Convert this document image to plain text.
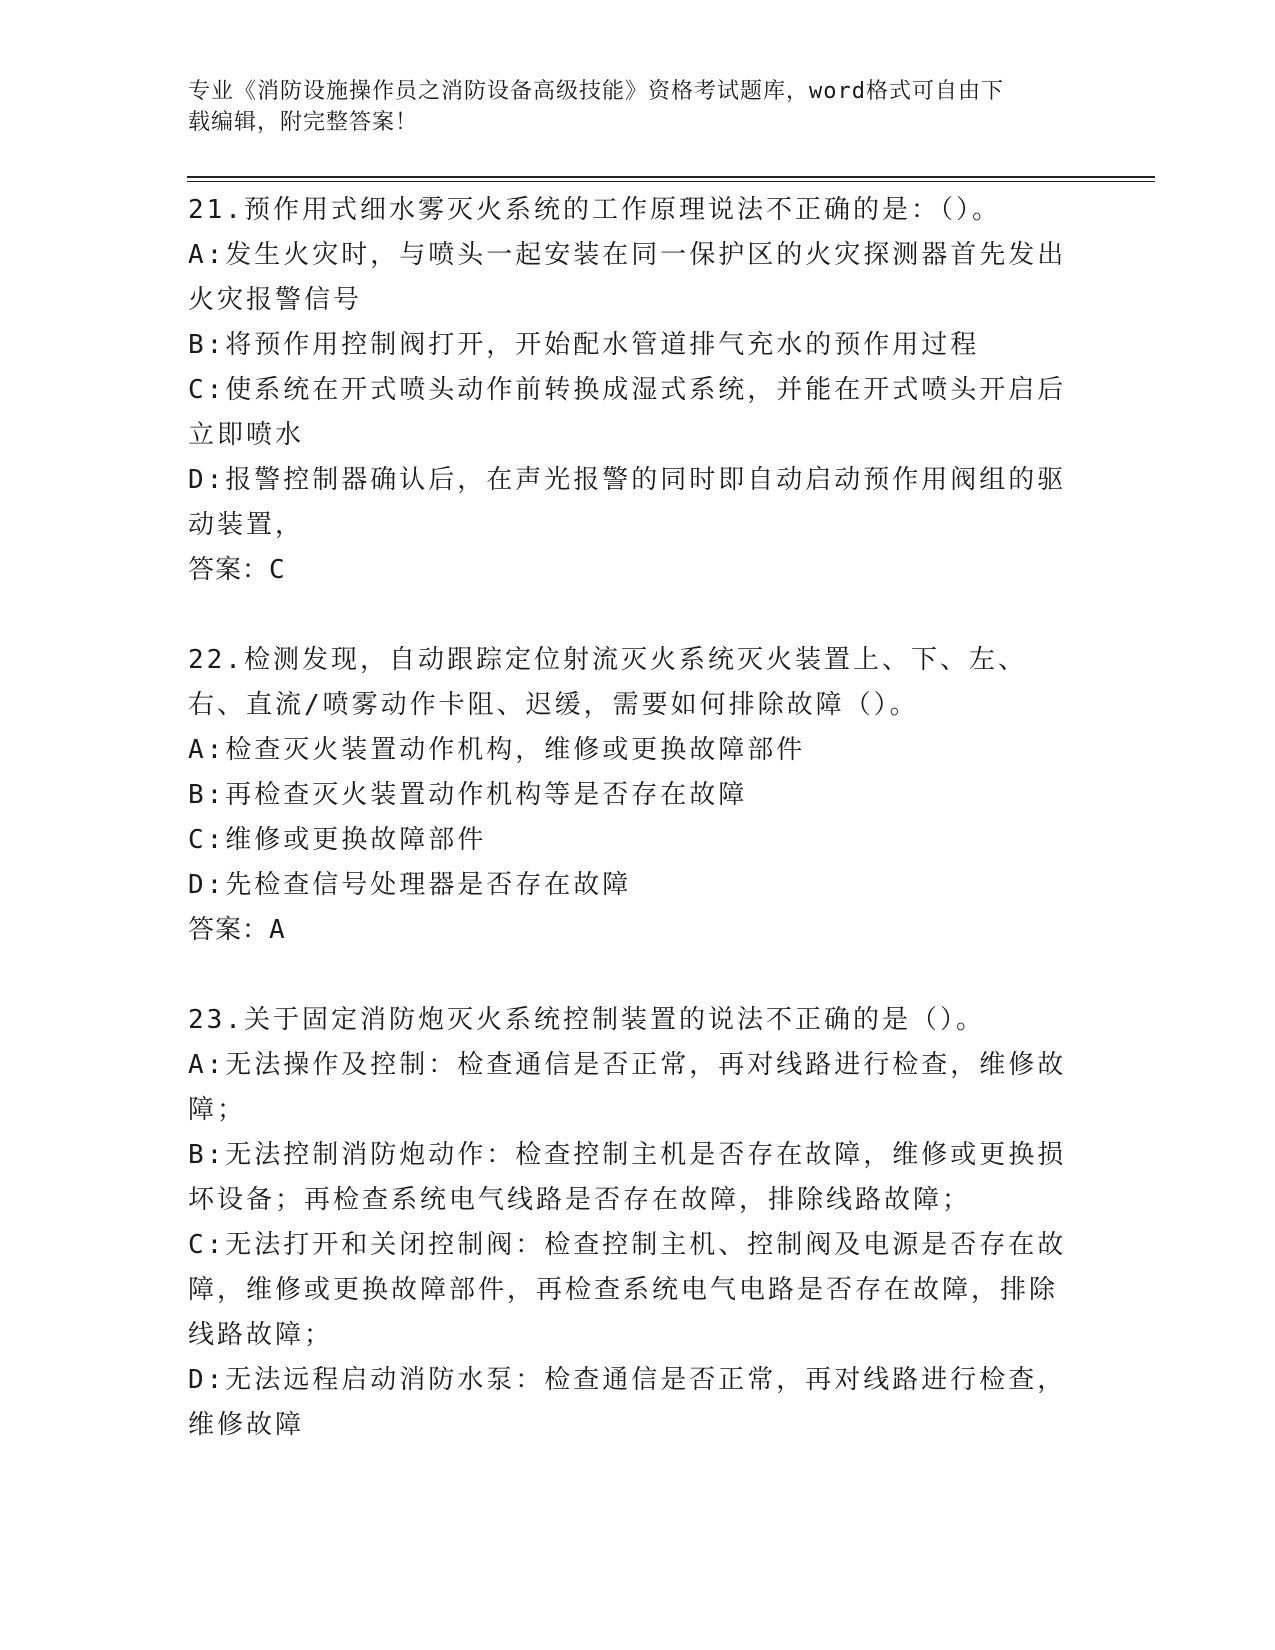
专业《消防设施操作员之消防设备高级技能》资格考试题库，word格式可自由下
载编辑，附完整答案！
21.预作用式细水雾灭火系统的工作原理说法不正确的是：（）。
A:发生火灾时，与喷头一起安装在同一保护区的火灾探测器首先发出火灾报警信号
B:将预作用控制阀打开，开始配水管道排气充水的预作用过程
C:使系统在开式喷头动作前转换成湿式系统，并能在开式喷头开启后立即喷水
D:报警控制器确认后，在声光报警的同时即自动启动预作用阀组的驱动装置，
答案：C
22.检测发现，自动跟踪定位射流灭火系统灭火装置上、下、左、右、直流/喷雾动作卡阻、迟缓，需要如何排除故障（）。
A:检查灭火装置动作机构，维修或更换故障部件
B:再检查灭火装置动作机构等是否存在故障
C:维修或更换故障部件
D:先检查信号处理器是否存在故障
答案：A
23.关于固定消防炮灭火系统控制装置的说法不正确的是（）。
A:无法操作及控制：检查通信是否正常，再对线路进行检查，维修故障；
B:无法控制消防炮动作：检查控制主机是否存在故障，维修或更换损坏设备；再检查系统电气线路是否存在故障，排除线路故障；
C:无法打开和关闭控制阀：检查控制主机、控制阀及电源是否存在故障，维修或更换故障部件，再检查系统电气电路是否存在故障，排除线路故障；
D:无法远程启动消防水泵：检查通信是否正常，再对线路进行检查，维修故障
